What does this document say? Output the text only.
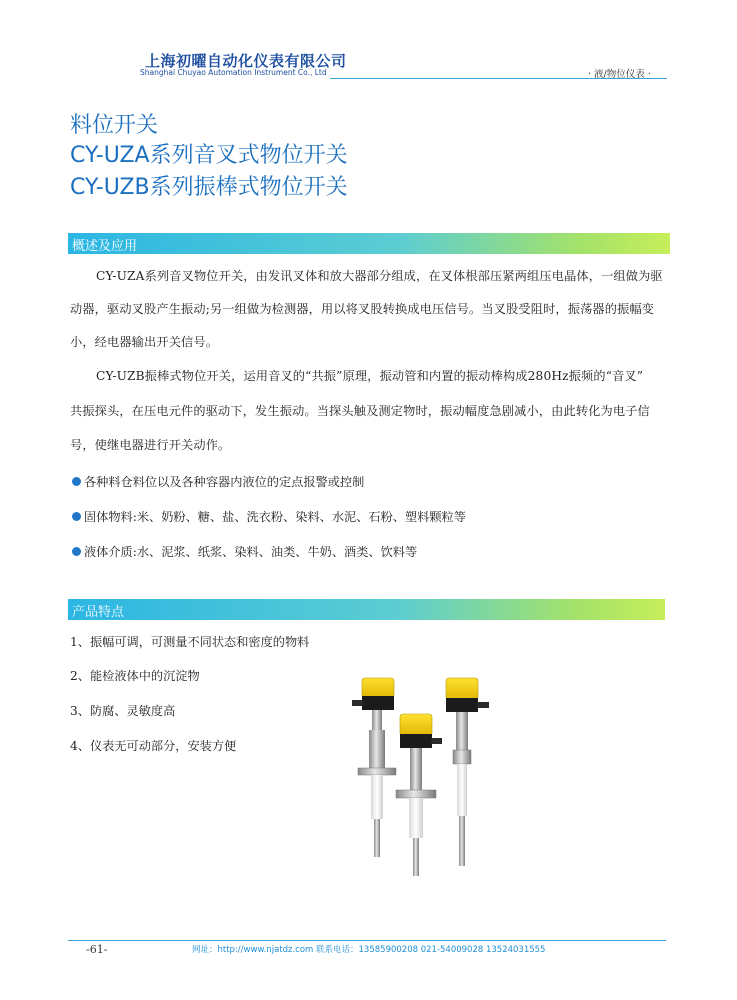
上海初曜自动化仪表有限公司
Shanghai Chuyao Automation Instrument Co., Ltd	· 液/物位仪表 ·
料位开关
CY-UZA系列音叉式物位开关
CY-UZB系列振棒式物位开关
概述及应用
CY-UZA系列音叉物位开关，由发讯叉体和放大器部分组成，在叉体根部压紧两组压电晶体，一组做为驱
动器，驱动叉股产生振动;另一组做为检测器，用以将叉股转换成电压信号。当叉股受阻时，振荡器的振幅变
小，经电器输出开关信号。
CY-UZB振棒式物位开关，运用音叉的“共振”原理，振动管和内置的振动棒构成280Hz振频的“音叉”
共振探头，在压电元件的驱动下，发生振动。当探头触及测定物时，振动幅度急剧减小，由此转化为电子信
号，使继电器进行开关动作。
各种料仓料位以及各种容器内液位的定点报警或控制
固体物料:米、奶粉、糖、盐、洗衣粉、染料、水泥、石粉、塑料颗粒等
液体介质:水、泥浆、纸浆、染料、油类、牛奶、酒类、饮料等
产品特点
1、振幅可调，可测量不同状态和密度的物料
2、能检液体中的沉淀物
3、防腐、灵敏度高
4、仪表无可动部分，安装方便
-61-	网址：http://www.njatdz.com 联系电话：13585900208 021-54009028 13524031555
